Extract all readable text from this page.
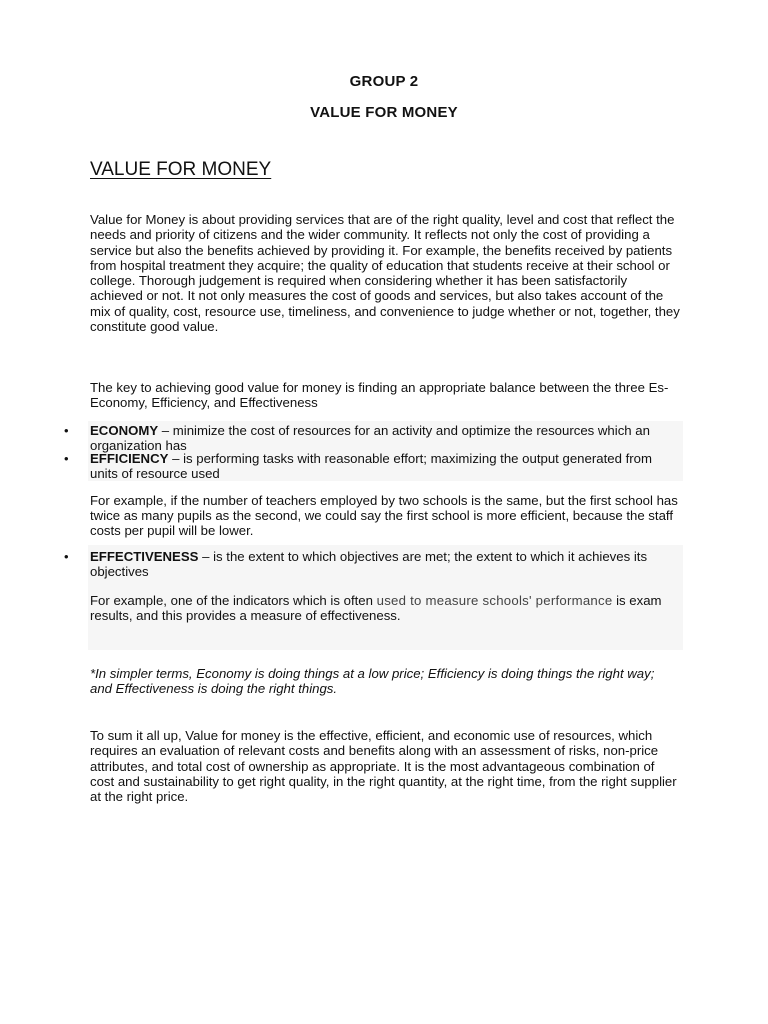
GROUP 2
VALUE FOR MONEY
VALUE FOR MONEY
Value for Money is about providing services that are of the right quality, level and cost that reflect the needs and priority of citizens and the wider community. It reflects not only the cost of providing a service but also the benefits achieved by providing it. For example, the benefits received by patients from hospital treatment they acquire; the quality of education that students receive at their school or college. Thorough judgement is required when considering whether it has been satisfactorily achieved or not. It not only measures the cost of goods and services, but also takes account of the mix of quality, cost, resource use, timeliness, and convenience to judge whether or not, together, they constitute good value.
The key to achieving good value for money is finding an appropriate balance between the three Es- Economy, Efficiency, and Effectiveness
• ECONOMY – minimize the cost of resources for an activity and optimize the resources which an organization has
• EFFICIENCY – is performing tasks with reasonable effort; maximizing the output generated from units of resource used
For example, if the number of teachers employed by two schools is the same, but the first school has twice as many pupils as the second, we could say the first school is more efficient, because the staff costs per pupil will be lower.
• EFFECTIVENESS – is the extent to which objectives are met; the extent to which it achieves its objectives
For example, one of the indicators which is often used to measure schools' performance is exam results, and this provides a measure of effectiveness.
*In simpler terms, Economy is doing things at a low price; Efficiency is doing things the right way; and Effectiveness is doing the right things.
To sum it all up, Value for money is the effective, efficient, and economic use of resources, which requires an evaluation of relevant costs and benefits along with an assessment of risks, non-price attributes, and total cost of ownership as appropriate. It is the most advantageous combination of cost and sustainability to get right quality, in the right quantity, at the right time, from the right supplier at the right price.
